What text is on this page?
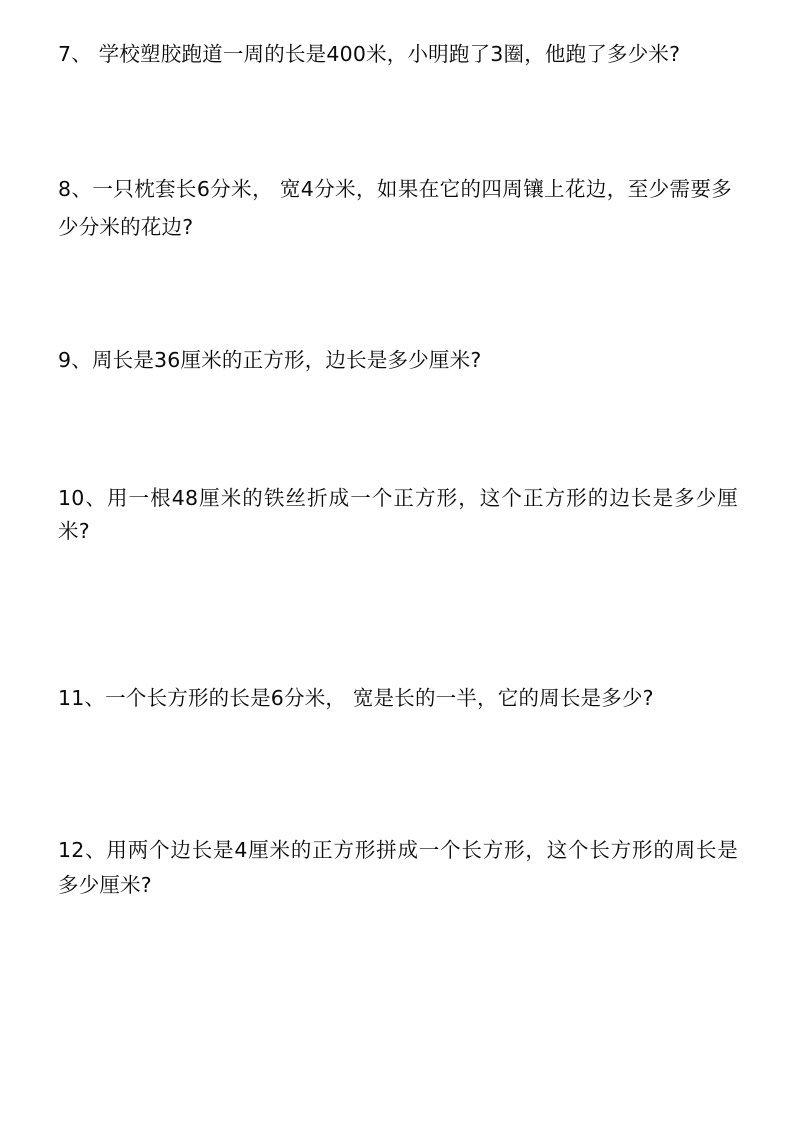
7、 学校塑胶跑道一周的长是400米，小明跑了3圈，他跑了多少米?

8、一只枕套长6分米， 宽4分米，如果在它的四周镶上花边，至少需要多少分米的花边?

9、周长是36厘米的正方形，边长是多少厘米?

10、用一根48厘米的铁丝折成一个正方形，这个正方形的边长是多少厘米?

11、一个长方形的长是6分米， 宽是长的一半，它的周长是多少?

12、用两个边长是4厘米的正方形拼成一个长方形，这个长方形的周长是多少厘米?
